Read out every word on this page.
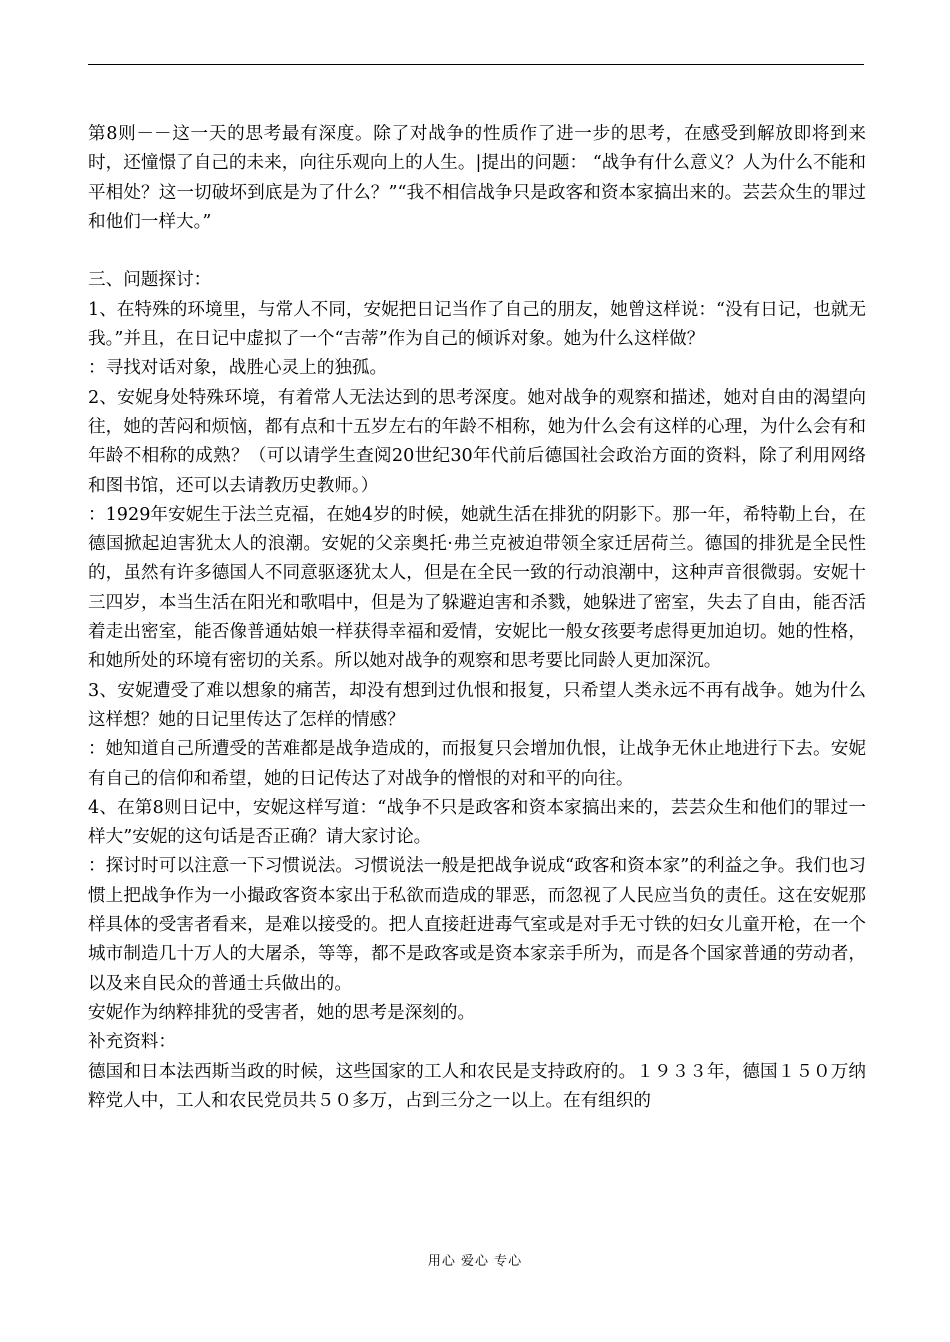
第8则－－这一天的思考最有深度。除了对战争的性质作了进一步的思考，在感受到解放即将到来时，还憧憬了自己的未来，向往乐观向上的人生。|提出的问题： “战争有什么意义？人为什么不能和平相处？这一切破坏到底是为了什么？”“我不相信战争只是政客和资本家搞出来的。芸芸众生的罪过和他们一样大。”

三、问题探讨：

1、在特殊的环境里，与常人不同，安妮把日记当作了自己的朋友，她曾这样说：“没有日记，也就无我。”并且，在日记中虚拟了一个“吉蒂”作为自己的倾诉对象。她为什么这样做？

：寻找对话对象，战胜心灵上的独孤。

2、安妮身处特殊环境，有着常人无法达到的思考深度。她对战争的观察和描述，她对自由的渴望向往，她的苦闷和烦恼，都有点和十五岁左右的年龄不相称，她为什么会有这样的心理，为什么会有和年龄不相称的成熟？（可以请学生查阅20世纪30年代前后德国社会政治方面的资料，除了利用网络和图书馆，还可以去请教历史教师。）

：1929年安妮生于法兰克福，在她4岁的时候，她就生活在排犹的阴影下。那一年，希特勒上台，在德国掀起迫害犹太人的浪潮。安妮的父亲奥托·弗兰克被迫带领全家迁居荷兰。德国的排犹是全民性的，虽然有许多德国人不同意驱逐犹太人，但是在全民一致的行动浪潮中，这种声音很微弱。安妮十三四岁，本当生活在阳光和歌唱中，但是为了躲避迫害和杀戮，她躲进了密室，失去了自由，能否活着走出密室，能否像普通姑娘一样获得幸福和爱情，安妮比一般女孩要考虑得更加迫切。她的性格，和她所处的环境有密切的关系。所以她对战争的观察和思考要比同龄人更加深沉。

3、安妮遭受了难以想象的痛苦，却没有想到过仇恨和报复，只希望人类永远不再有战争。她为什么这样想？她的日记里传达了怎样的情感？

：她知道自己所遭受的苦难都是战争造成的，而报复只会增加仇恨，让战争无休止地进行下去。安妮有自己的信仰和希望，她的日记传达了对战争的憎恨的对和平的向往。

4、在第8则日记中，安妮这样写道：“战争不只是政客和资本家搞出来的，芸芸众生和他们的罪过一样大”安妮的这句话是否正确？请大家讨论。

：探讨时可以注意一下习惯说法。习惯说法一般是把战争说成“政客和资本家”的利益之争。我们也习惯上把战争作为一小撮政客资本家出于私欲而造成的罪恶，而忽视了人民应当负的责任。这在安妮那样具体的受害者看来，是难以接受的。把人直接赶进毒气室或是对手无寸铁的妇女儿童开枪，在一个城市制造几十万人的大屠杀，等等，都不是政客或是资本家亲手所为，而是各个国家普通的劳动者，以及来自民众的普通士兵做出的。

安妮作为纳粹排犹的受害者，她的思考是深刻的。

补充资料：

德国和日本法西斯当政的时候，这些国家的工人和农民是支持政府的。１９３３年，德国１５０万纳粹党人中，工人和农民党员共５０多万，占到三分之一以上。在有组织的

用心 爱心 专心
